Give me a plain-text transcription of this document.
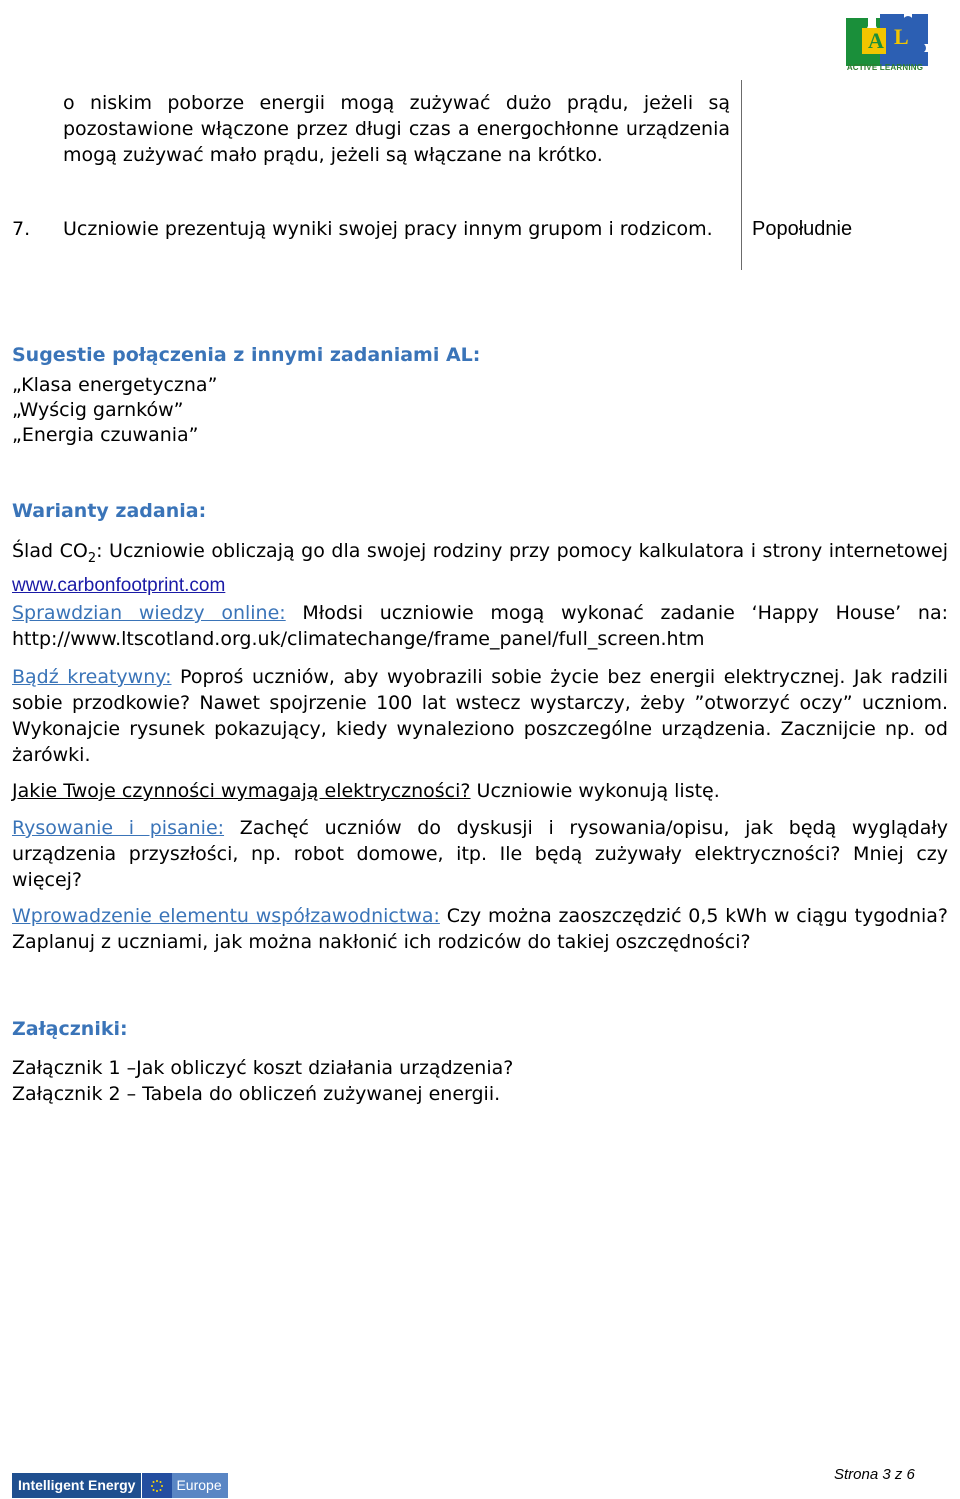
A L
ACTIVE LEARNING
o niskim poborze energii mogą zużywać dużo prądu, jeżeli są pozostawione włączone przez długi czas a energochłonne urządzenia mogą zużywać mało prądu, jeżeli są włączane na krótko.
7. Uczniowie prezentują wyniki swojej pracy innym grupom i rodzicom.	Popołudnie
Sugestie połączenia z innymi zadaniami AL:
„Klasa energetyczna”
„Wyścig garnków”
„Energia czuwania”
Warianty zadania:
Ślad $CO_2$: Uczniowie obliczają go dla swojej rodziny przy pomocy kalkulatora i strony internetowej www.carbonfootprint.com
Sprawdzian wiedzy online: Młodsi uczniowie mogą wykonać zadanie ‘Happy House’ na: http://www.ltscotland.org.uk/climatechange/frame_panel/full_screen.htm
Bądź kreatywny: Poproś uczniów, aby wyobrazili sobie życie bez energii elektrycznej. Jak radzili sobie przodkowie? Nawet spojrzenie 100 lat wstecz wystarczy, żeby ”otworzyć oczy” uczniom. Wykonajcie rysunek pokazujący, kiedy wynaleziono poszczególne urządzenia. Zacznijcie np. od żarówki.
Jakie Twoje czynności wymagają elektryczności? Uczniowie wykonują listę.
Rysowanie i pisanie: Zachęć uczniów do dyskusji i rysowania/opisu, jak będą wyglądały urządzenia przyszłości, np. robot domowe, itp. Ile będą zużywały elektryczności? Mniej czy więcej?
Wprowadzenie elementu współzawodnictwa: Czy można zaoszczędzić 0,5 kWh w ciągu tygodnia? Zaplanuj z uczniami, jak można nakłonić ich rodziców do takiej oszczędności?
Załączniki:
Załącznik 1 –Jak obliczyć koszt działania urządzenia?
Załącznik 2 – Tabela do obliczeń zużywanej energii.
Intelligent Energy	Europe
Strona 3 z 6
